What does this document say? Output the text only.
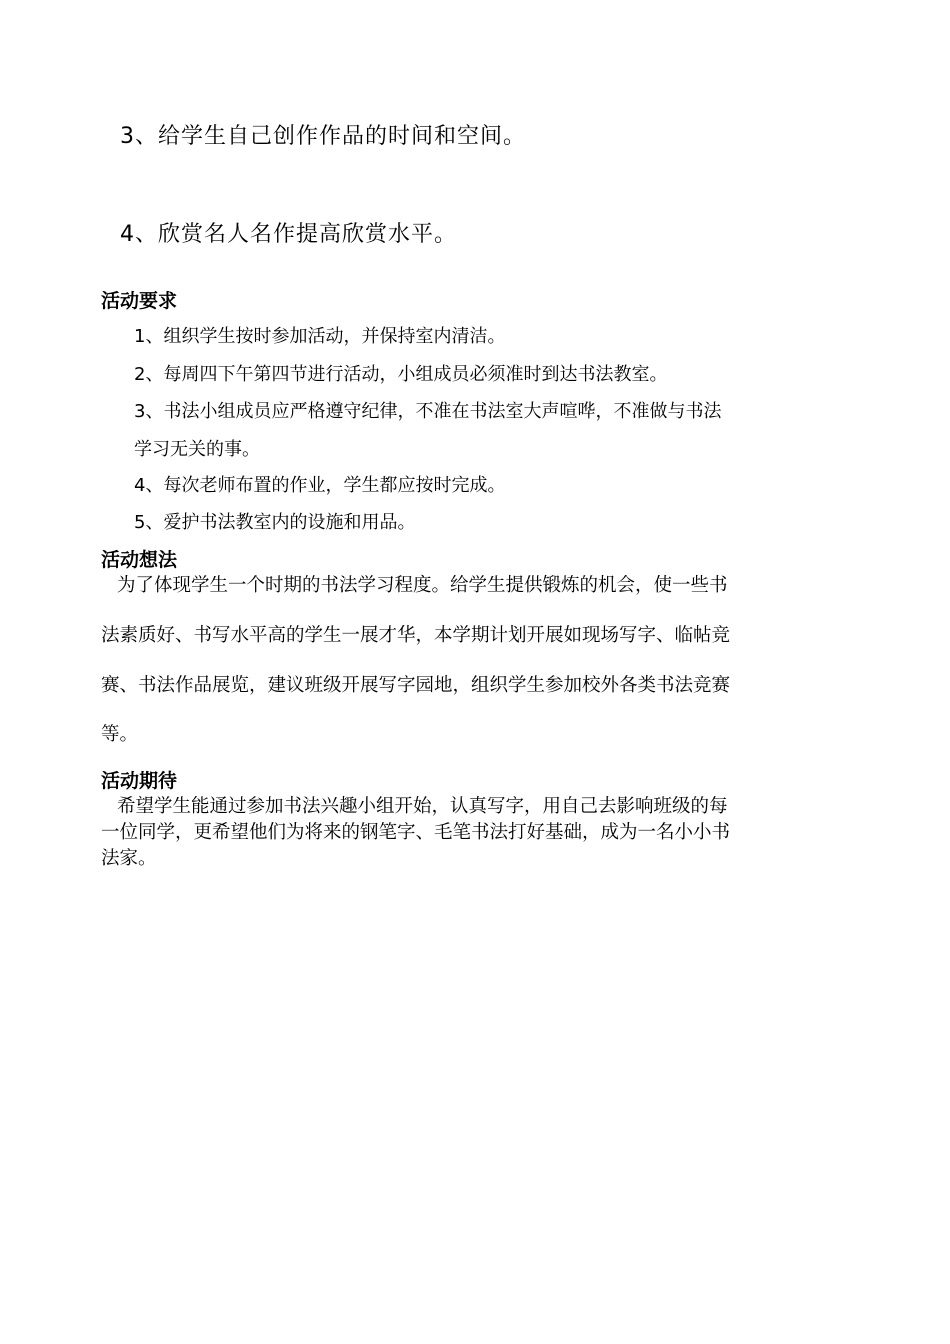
3、给学生自己创作作品的时间和空间。
4、欣赏名人名作提高欣赏水平。
活动要求
1、组织学生按时参加活动，并保持室内清洁。
2、每周四下午第四节进行活动，小组成员必须准时到达书法教室。
3、书法小组成员应严格遵守纪律，不准在书法室大声喧哗，不准做与书法
学习无关的事。
4、每次老师布置的作业，学生都应按时完成。
5、爱护书法教室内的设施和用品。
活动想法
为了体现学生一个时期的书法学习程度。给学生提供锻炼的机会，使一些书
法素质好、书写水平高的学生一展才华，本学期计划开展如现场写字、临帖竞
赛、书法作品展览，建议班级开展写字园地，组织学生参加校外各类书法竞赛
等。
活动期待
希望学生能通过参加书法兴趣小组开始，认真写字，用自己去影响班级的每
一位同学，更希望他们为将来的钢笔字、毛笔书法打好基础，成为一名小小书
法家。
